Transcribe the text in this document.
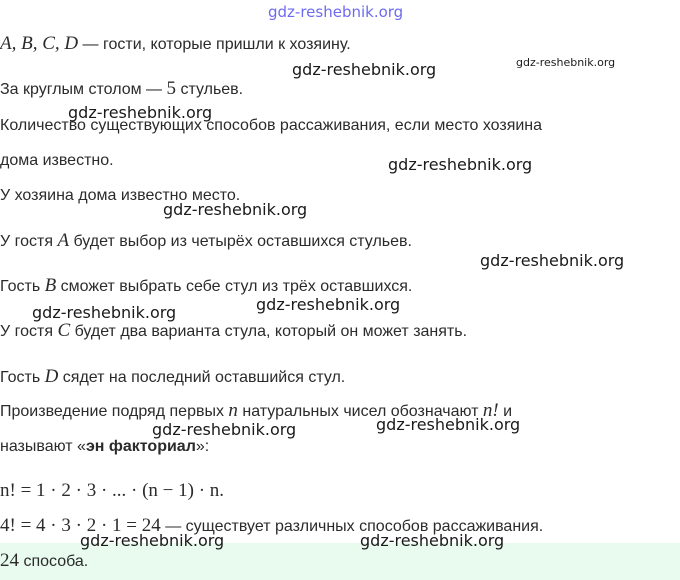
gdz-reshebnik.org
A, B, C, D — гости, которые пришли к хозяину.
За круглым столом — 5 стульев.
Количество существующих способов рассаживания, если место хозяина
дома известно.
У хозяина дома известно место.
У гостя A будет выбор из четырёх оставшихся стульев.
Гость B сможет выбрать себе стул из трёх оставшихся.
У гостя C будет два варианта стула, который он может занять.
Гость D сядет на последний оставшийся стул.
Произведение подряд первых n натуральных чисел обозначают n! и
называют «эн факториал»:
n! = 1 · 2 · 3 · ... · (n − 1) · n.
4! = 4 · 3 · 2 · 1 = 24 — существует различных способов рассаживания.
24 способа.
gdz-reshebnik.org	gdz-reshebnik.org
gdz-reshebnik.org
gdz-reshebnik.org
gdz-reshebnik.org
gdz-reshebnik.org
gdz-reshebnik.org
gdz-reshebnik.org
gdz-reshebnik.org
gdz-reshebnik.org
gdz-reshebnik.org	gdz-reshebnik.org
